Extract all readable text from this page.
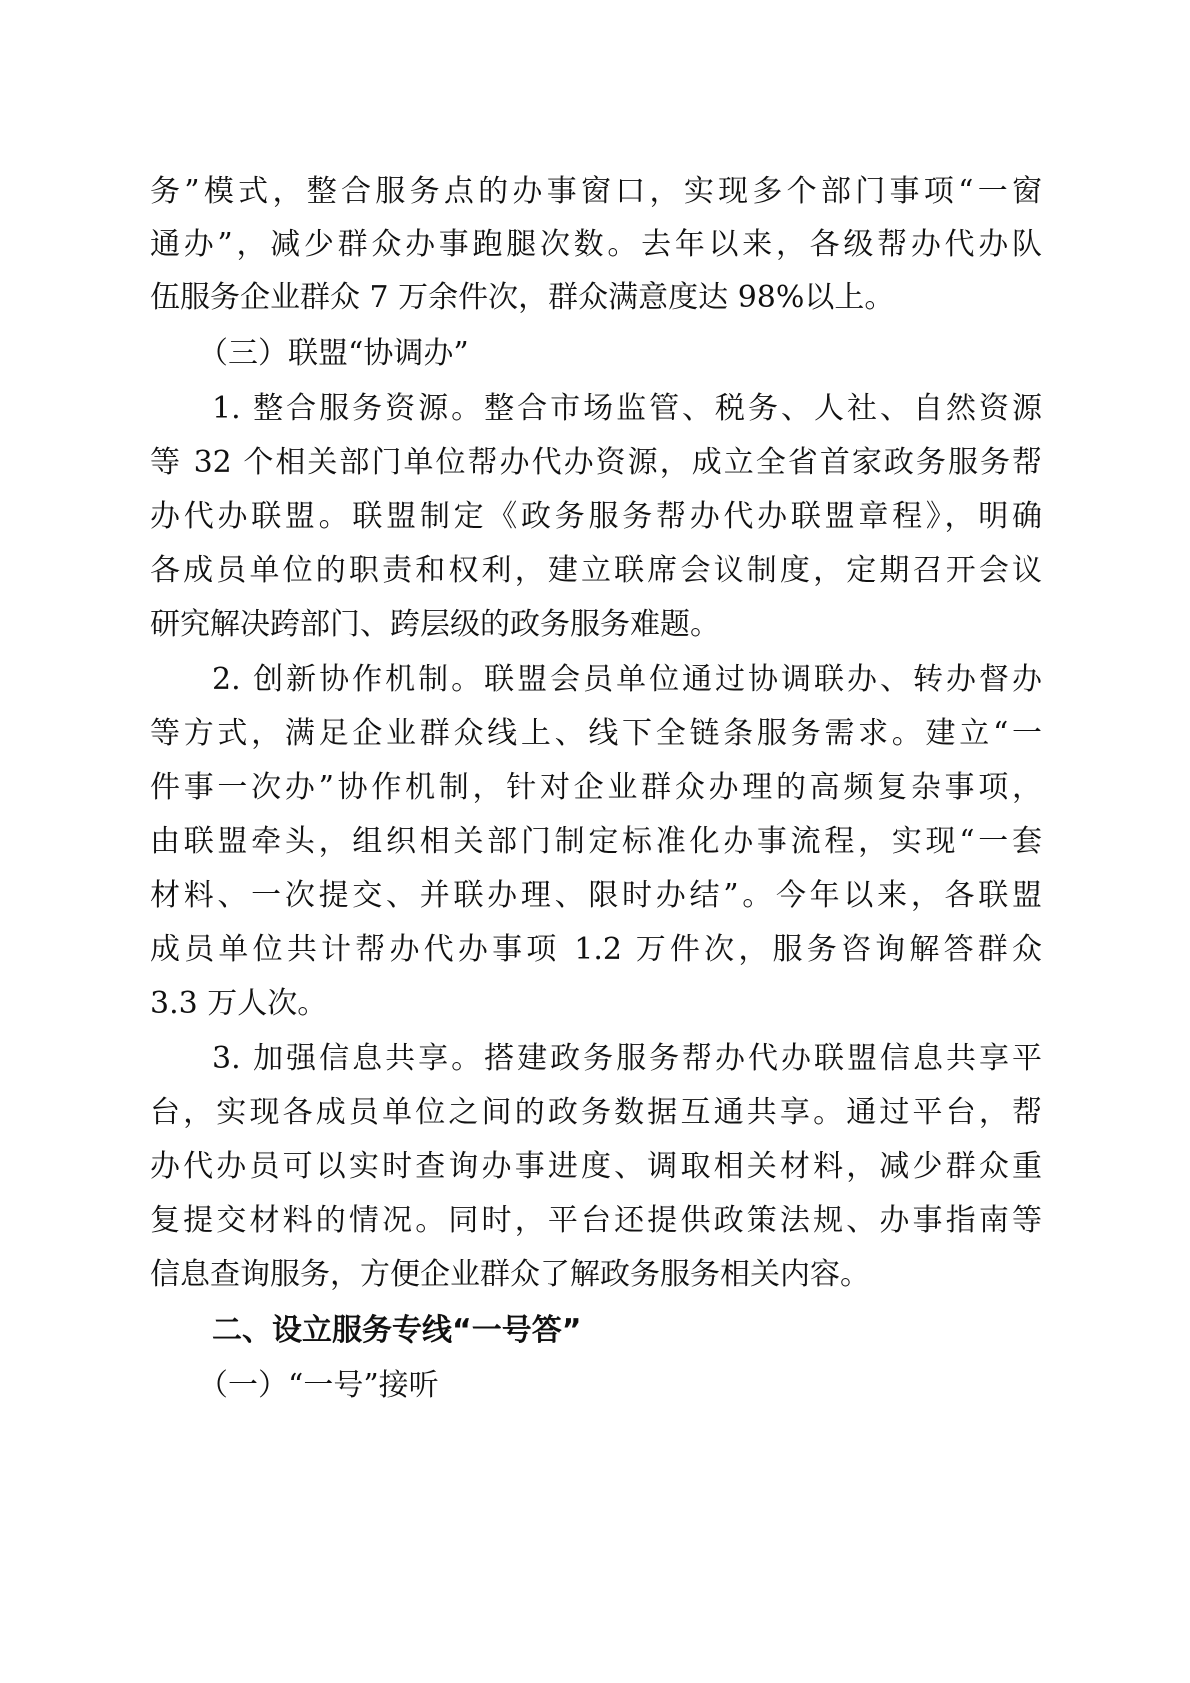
务”模式，整合服务点的办事窗口，实现多个部门事项“一窗
通办”，减少群众办事跑腿次数。去年以来，各级帮办代办队
伍服务企业群众 7 万余件次，群众满意度达 98%以上。
（三）联盟“协调办”
1. 整合服务资源。整合市场监管、税务、人社、自然资源
等 32 个相关部门单位帮办代办资源，成立全省首家政务服务帮
办代办联盟。联盟制定《政务服务帮办代办联盟章程》，明确
各成员单位的职责和权利，建立联席会议制度，定期召开会议
研究解决跨部门、跨层级的政务服务难题。
2. 创新协作机制。联盟会员单位通过协调联办、转办督办
等方式，满足企业群众线上、线下全链条服务需求。建立“一
件事一次办”协作机制，针对企业群众办理的高频复杂事项，
由联盟牵头，组织相关部门制定标准化办事流程，实现“一套
材料、一次提交、并联办理、限时办结”。今年以来，各联盟
成员单位共计帮办代办事项 1.2 万件次，服务咨询解答群众
3.3 万人次。
3. 加强信息共享。搭建政务服务帮办代办联盟信息共享平
台，实现各成员单位之间的政务数据互通共享。通过平台，帮
办代办员可以实时查询办事进度、调取相关材料，减少群众重
复提交材料的情况。同时，平台还提供政策法规、办事指南等
信息查询服务，方便企业群众了解政务服务相关内容。
二、设立服务专线“一号答”
（一）“一号”接听
